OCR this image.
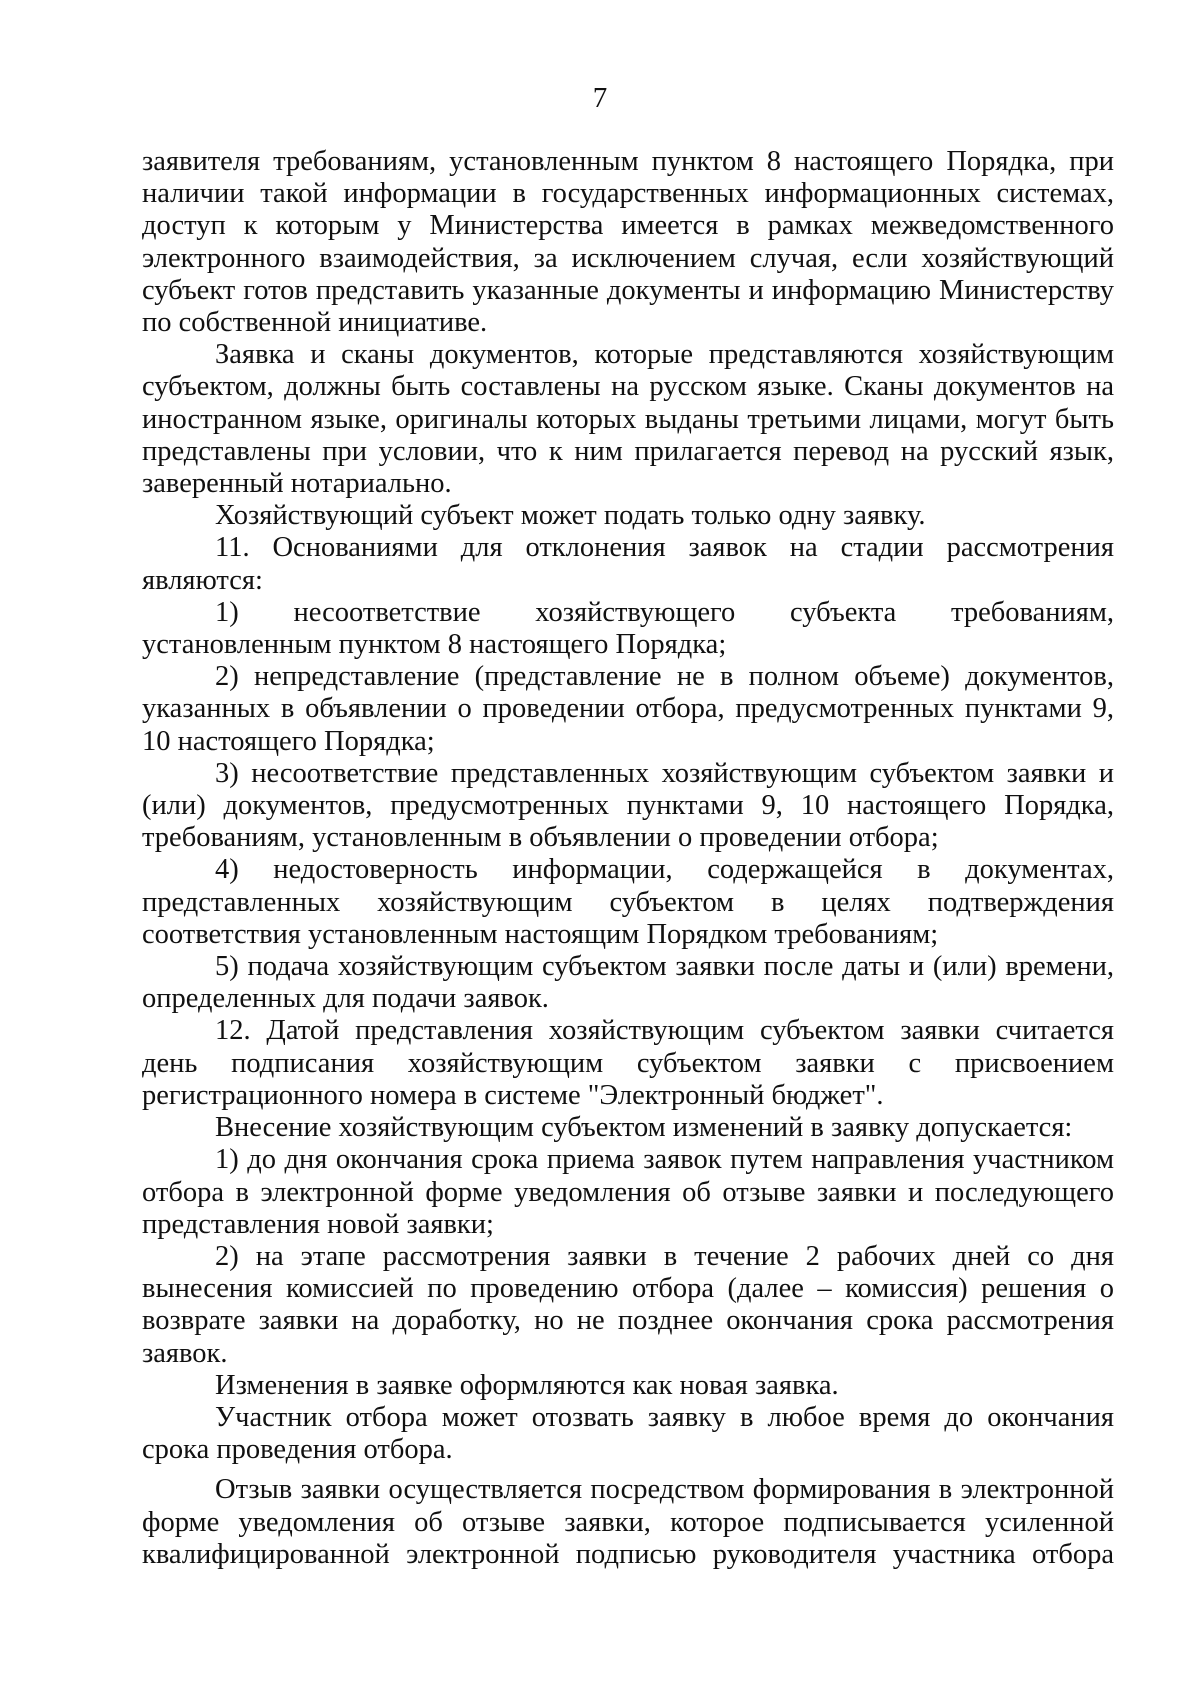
7

заявителя требованиям, установленным пунктом 8 настоящего Порядка, при наличии такой информации в государственных информационных системах, доступ к которым у Министерства имеется в рамках межведомственного электронного взаимодействия, за исключением случая, если хозяйствующий субъект готов представить указанные документы и информацию Министерству по собственной инициативе.

Заявка и сканы документов, которые представляются хозяйствующим субъектом, должны быть составлены на русском языке. Сканы документов на иностранном языке, оригиналы которых выданы третьими лицами, могут быть представлены при условии, что к ним прилагается перевод на русский язык, заверенный нотариально.

Хозяйствующий субъект может подать только одну заявку.

11. Основаниями для отклонения заявок на стадии рассмотрения являются:

1) несоответствие хозяйствующего субъекта требованиям, установленным пунктом 8 настоящего Порядка;

2) непредставление (представление не в полном объеме) документов, указанных в объявлении о проведении отбора, предусмотренных пунктами 9, 10 настоящего Порядка;

3) несоответствие представленных хозяйствующим субъектом заявки и (или) документов, предусмотренных пунктами 9, 10 настоящего Порядка, требованиям, установленным в объявлении о проведении отбора;

4) недостоверность информации, содержащейся в документах, представленных хозяйствующим субъектом в целях подтверждения соответствия установленным настоящим Порядком требованиям;

5) подача хозяйствующим субъектом заявки после даты и (или) времени, определенных для подачи заявок.

12. Датой представления хозяйствующим субъектом заявки считается день подписания хозяйствующим субъектом заявки с присвоением регистрационного номера в системе "Электронный бюджет".

Внесение хозяйствующим субъектом изменений в заявку допускается:

1) до дня окончания срока приема заявок путем направления участником отбора в электронной форме уведомления об отзыве заявки и последующего представления новой заявки;

2) на этапе рассмотрения заявки в течение 2 рабочих дней со дня вынесения комиссией по проведению отбора (далее – комиссия) решения о возврате заявки на доработку, но не позднее окончания срока рассмотрения заявок.

Изменения в заявке оформляются как новая заявка.

Участник отбора может отозвать заявку в любое время до окончания срока проведения отбора.

Отзыв заявки осуществляется посредством формирования в электронной форме уведомления об отзыве заявки, которое подписывается усиленной квалифицированной электронной подписью руководителя участника отбора
